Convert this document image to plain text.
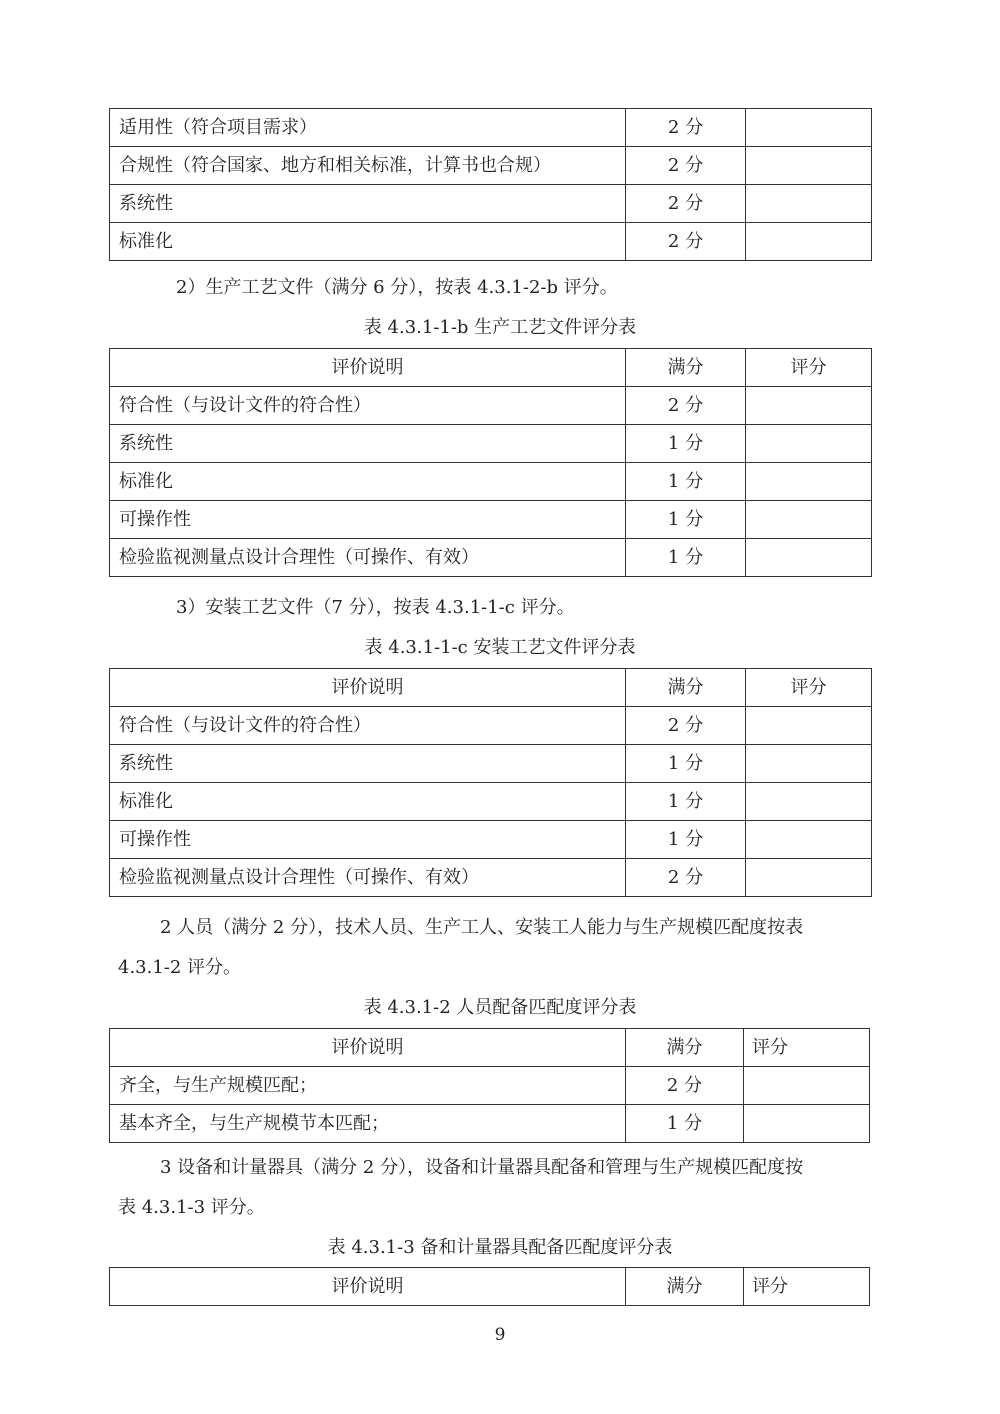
适用性（符合项目需求）	2 分	
合规性（符合国家、地方和相关标准，计算书也合规）	2 分	
系统性	2 分	
标准化	2 分	
2）生产工艺文件（满分 6 分），按表 4.3.1-2-b 评分。
表 4.3.1-1-b 生产工艺文件评分表
评价说明	满分	评分
符合性（与设计文件的符合性）	2 分	
系统性	1 分	
标准化	1 分	
可操作性	1 分	
检验监视测量点设计合理性（可操作、有效）	1 分	
3）安装工艺文件（7 分），按表 4.3.1-1-c 评分。
表 4.3.1-1-c 安装工艺文件评分表
评价说明	满分	评分
符合性（与设计文件的符合性）	2 分	
系统性	1 分	
标准化	1 分	
可操作性	1 分	
检验监视测量点设计合理性（可操作、有效）	2 分	
2 人员（满分 2 分），技术人员、生产工人、安装工人能力与生产规模匹配度按表
4.3.1-2 评分。
表 4.3.1-2 人员配备匹配度评分表
评价说明	满分	评分
齐全，与生产规模匹配；	2 分	
基本齐全，与生产规模节本匹配；	1 分	
3 设备和计量器具（满分 2 分），设备和计量器具配备和管理与生产规模匹配度按
表 4.3.1-3 评分。
表 4.3.1-3 备和计量器具配备匹配度评分表
评价说明	满分	评分
9
